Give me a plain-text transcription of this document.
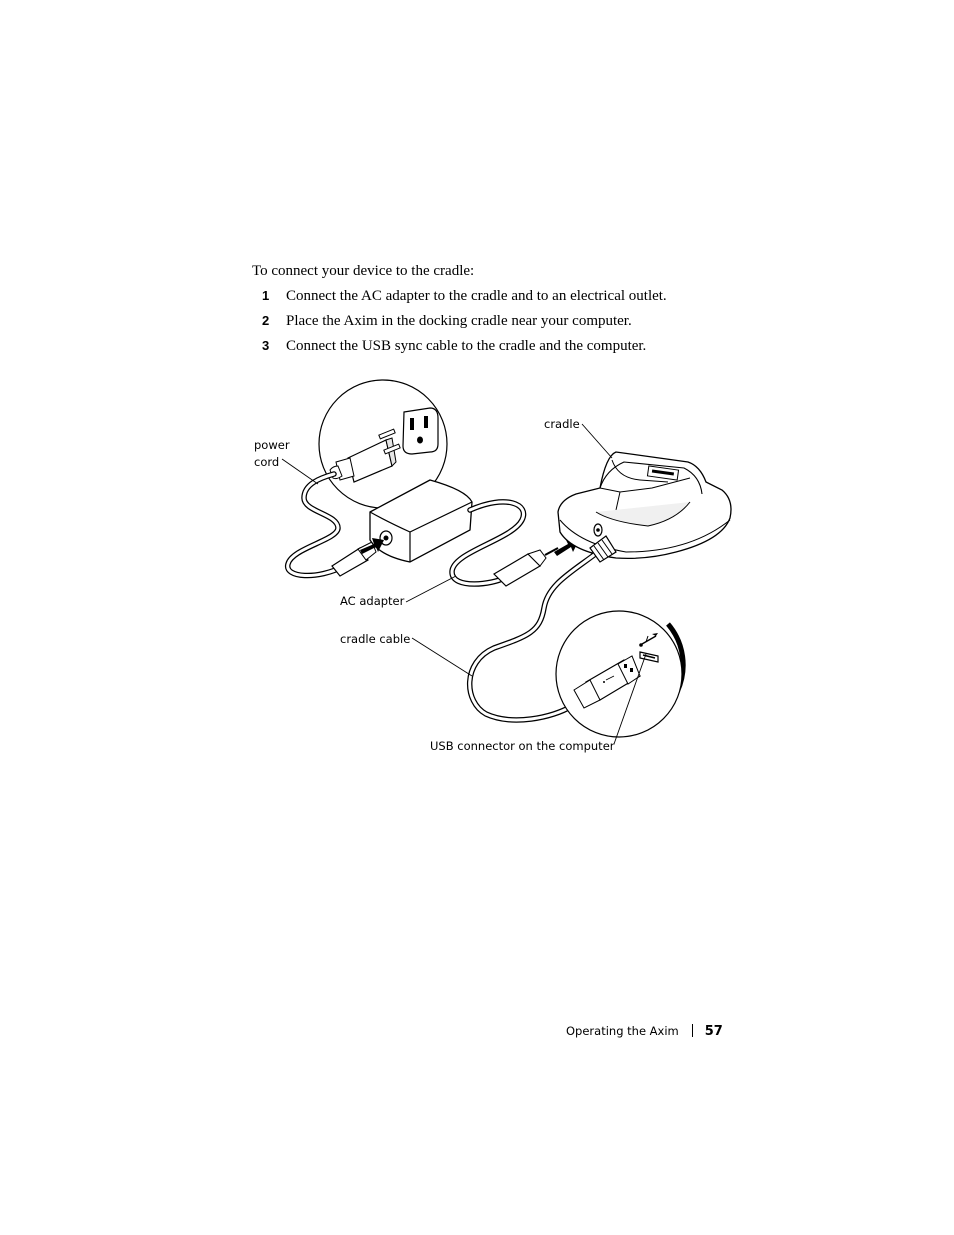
To connect your device to the cradle:

1 Connect the AC adapter to the cradle and to an electrical outlet.
2 Place the Axim in the docking cradle near your computer.
3 Connect the USB sync cable to the cradle and the computer.
power
cord
cradle
AC adapter
cradle cable
USB connector on the computer
Operating the Axim 57
